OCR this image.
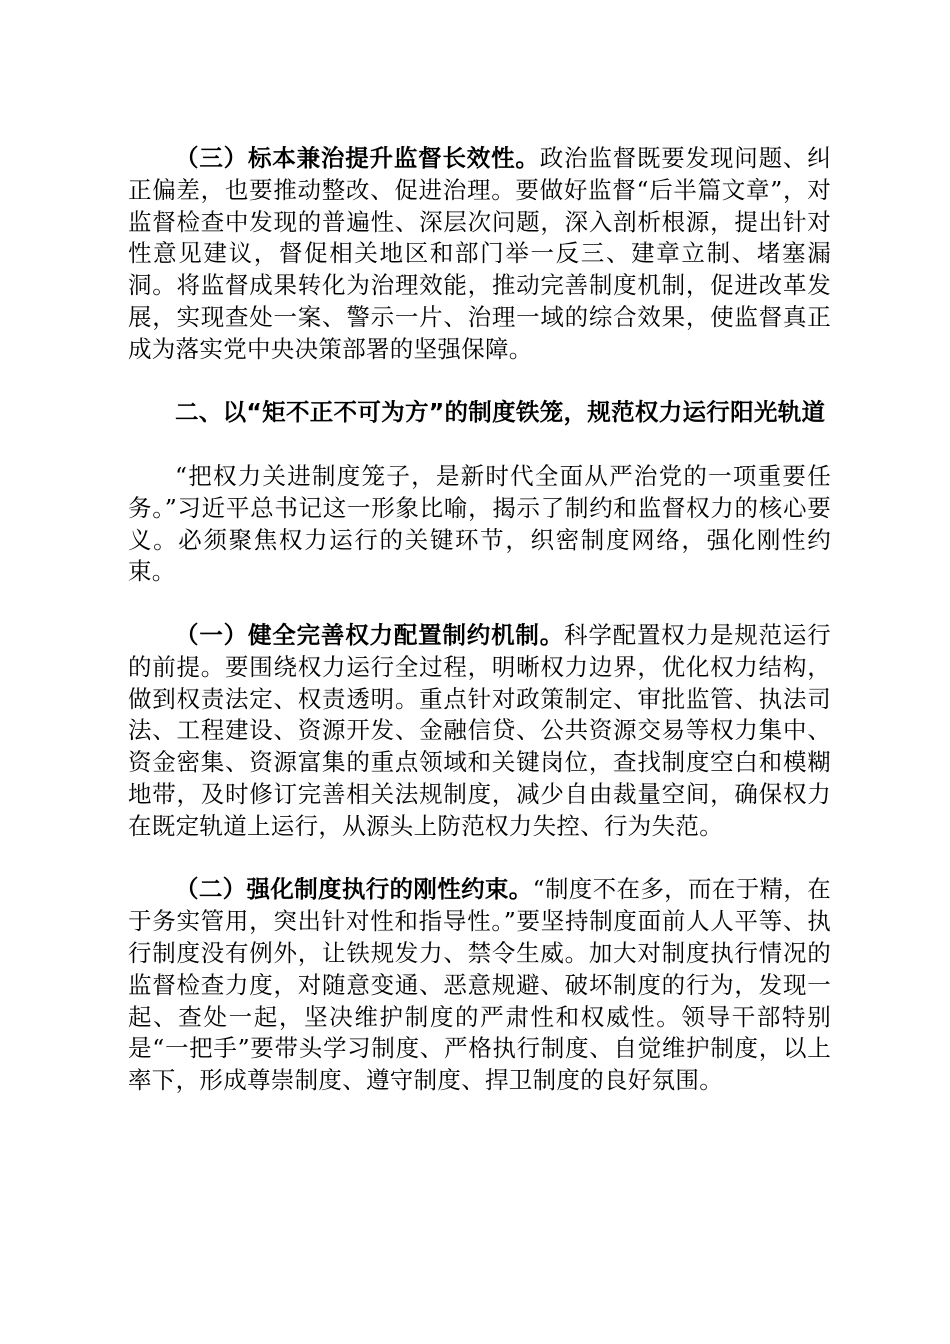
（三）标本兼治提升监督长效性。政治监督既要发现问题、纠正偏差，也要推动整改、促进治理。要做好监督“后半篇文章”，对监督检查中发现的普遍性、深层次问题，深入剖析根源，提出针对性意见建议，督促相关地区和部门举一反三、建章立制、堵塞漏洞。将监督成果转化为治理效能，推动完善制度机制，促进改革发展，实现查处一案、警示一片、治理一域的综合效果，使监督真正成为落实党中央决策部署的坚强保障。

二、以“矩不正不可为方”的制度铁笼，规范权力运行阳光轨道

“把权力关进制度笼子，是新时代全面从严治党的一项重要任务。”习近平总书记这一形象比喻，揭示了制约和监督权力的核心要义。必须聚焦权力运行的关键环节，织密制度网络，强化刚性约束。

（一）健全完善权力配置制约机制。科学配置权力是规范运行的前提。要围绕权力运行全过程，明晰权力边界，优化权力结构，做到权责法定、权责透明。重点针对政策制定、审批监管、执法司法、工程建设、资源开发、金融信贷、公共资源交易等权力集中、资金密集、资源富集的重点领域和关键岗位，查找制度空白和模糊地带，及时修订完善相关法规制度，减少自由裁量空间，确保权力在既定轨道上运行，从源头上防范权力失控、行为失范。

（二）强化制度执行的刚性约束。“制度不在多，而在于精，在于务实管用，突出针对性和指导性。”要坚持制度面前人人平等、执行制度没有例外，让铁规发力、禁令生威。加大对制度执行情况的监督检查力度，对随意变通、恶意规避、破坏制度的行为，发现一起、查处一起，坚决维护制度的严肃性和权威性。领导干部特别是“一把手”要带头学习制度、严格执行制度、自觉维护制度，以上率下，形成尊崇制度、遵守制度、捍卫制度的良好氛围。
